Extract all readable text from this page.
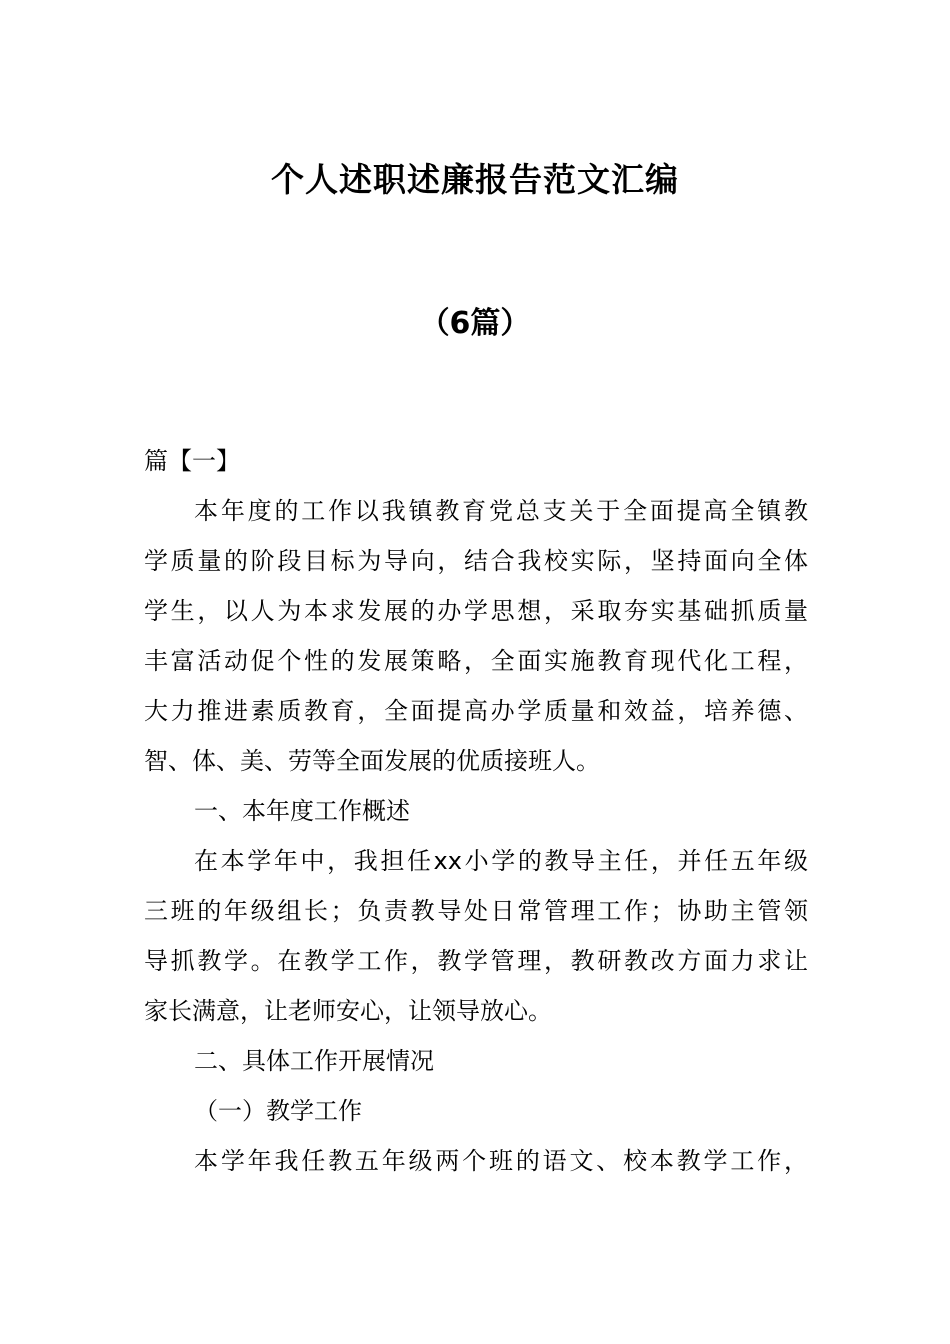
个人述职述廉报告范文汇编
（6篇）

篇【一】

本年度的工作以我镇教育党总支关于全面提高全镇教

学质量的阶段目标为导向，结合我校实际，坚持面向全体

学生，以人为本求发展的办学思想，采取夯实基础抓质量

丰富活动促个性的发展策略，全面实施教育现代化工程，

大力推进素质教育，全面提高办学质量和效益，培养德、

智、体、美、劳等全面发展的优质接班人。

一、本年度工作概述

在本学年中，我担任xx小学的教导主任，并任五年级

三班的年级组长；负责教导处日常管理工作；协助主管领

导抓教学。在教学工作，教学管理，教研教改方面力求让

家长满意，让老师安心，让领导放心。

二、具体工作开展情况

（一）教学工作

本学年我任教五年级两个班的语文、校本教学工作，
